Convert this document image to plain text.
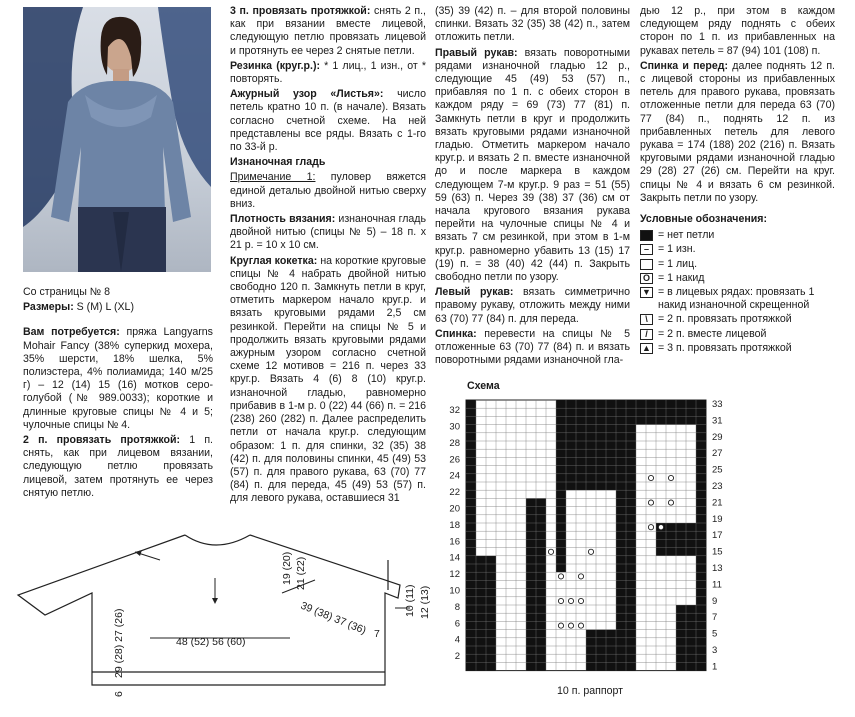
Со страницы № 8

Размеры: S (M) L (XL)

Вам потребуется: пряжа Langyarns Mohair Fancy (38% суперкид мохера, 35% шерсти, 18% шелка, 5% полиэстера, 4% полиамида; 140 м/25 г) – 12 (14) 15 (16) мотков серо-голубой (№ 989.0033); короткие и длинные круговые спицы № 4 и 5; чулочные спицы № 4.

2 п. провязать протяжкой: 1 п. снять, как при лицевом вязании, следующую петлю провязать лицевой, затем протянуть ее через снятую петлю.

3 п. провязать протяжкой: снять 2 п., как при вязании вместе лицевой, следующую петлю провязать лицевой и протянуть ее через 2 снятые петли.

Резинка (круг.р.): * 1 лиц., 1 изн., от * повторять.

Ажурный узор «Листья»: число петель кратно 10 п. (в начале). Вязать согласно счетной схеме. На ней представлены все ряды. Вязать с 1-го по 33-й р.

Изнаночная гладь

Примечание 1: пуловер вяжется единой деталью двойной нитью сверху вниз.

Плотность вязания: изнаночная гладь двойной нитью (спицы № 5) – 18 п. х 21 р. = 10 х 10 см.

Круглая кокетка: на короткие круговые спицы № 4 набрать двойной нитью свободно 120 п. Замкнуть петли в круг, отметить маркером начало круг.р. и вязать круговыми рядами 2,5 см резинкой. Перейти на спицы № 5 и продолжить вязать круговыми рядами ажурным узором согласно счетной схеме 12 мотивов = 216 п. через 33 круг.р. Вязать 4 (6) 8 (10) круг.р. изнаночной гладью, равномерно прибавив в 1-м р. 0 (22) 44 (66) п. = 216 (238) 260 (282) п. Далее распределить петли от начала круг.р. следующим образом: 1 п. для спинки, 32 (35) 38 (42) п. для половины спинки, 45 (49) 53 (57) п. для правого рукава, 63 (70) 77 (84) п. для переда, 45 (49) 53 (57) п. для левого рукава, оставшиеся 31

(35) 39 (42) п. – для второй половины спинки. Вязать 32 (35) 38 (42) п., затем отложить петли.

Правый рукав: вязать поворотными рядами изнаночной гладью 12 р., следующие 45 (49) 53 (57) п., прибавляя по 1 п. с обеих сторон в каждом ряду = 69 (73) 77 (81) п. Замкнуть петли в круг и продолжить вязать круговыми рядами изнаночной гладью. Отметить маркером начало круг.р. и вязать 2 п. вместе изнаночной до и после маркера в каждом следующем 7-м круг.р. 9 раз = 51 (55) 59 (63) п. Через 39 (38) 37 (36) см от начала кругового вязания рукава перейти на чулочные спицы № 4 и вязать 7 см резинкой, при этом в 1-м круг.р. равномерно убавить 13 (15) 17 (19) п. = 38 (40) 42 (44) п. Закрыть свободно петли по узору.

Левый рукав: вязать симметрично правому рукаву, отложить между ними 63 (70) 77 (84) п. для переда.

Спинка: перевести на спицы № 5 отложенные 63 (70) 77 (84) п. и вязать поворотными рядами изнаночной гла-

дью 12 р., при этом в каждом следующем ряду поднять с обеих сторон по 1 п. из прибавленных на рукавах петель = 87 (94) 101 (108) п.

Спинка и перед: далее поднять 12 п. с лицевой стороны из прибавленных петель для правого рукава, провязать отложенные петли для переда 63 (70) 77 (84) п., поднять 12 п. из прибавленных петель для левого рукава = 174 (188) 202 (216) п. Вязать круговыми рядами изнаночной гладью 29 (28) 27 (26) см. Перейти на круг. спицы № 4 и вязать 6 см резинкой. Закрыть петли по узору.

Условные обозначения:

= нет петли
– = 1 изн.
= 1 лиц.
O = 1 накид
▼ = в лицевых рядах: провязать 1 накид изнаночной скрещенной
\ = 2 п. провязать протяжкой
/ = 2 п. вместе лицевой
▲ = 3 п. провязать протяжкой
Схема
32
30
28
26
24
22
20
18
16
14
12
10
8
6
4
2
33
31
29
27
25
23
21
19
17
15
13
11
9
7
5
3
1
10 п. раппорт
48 (52) 56 (60)
19 (20) 21 (22)
39 (38) 37 (36)	10 (11) 12 (13)
7
29 (28) 27 (26)
6
